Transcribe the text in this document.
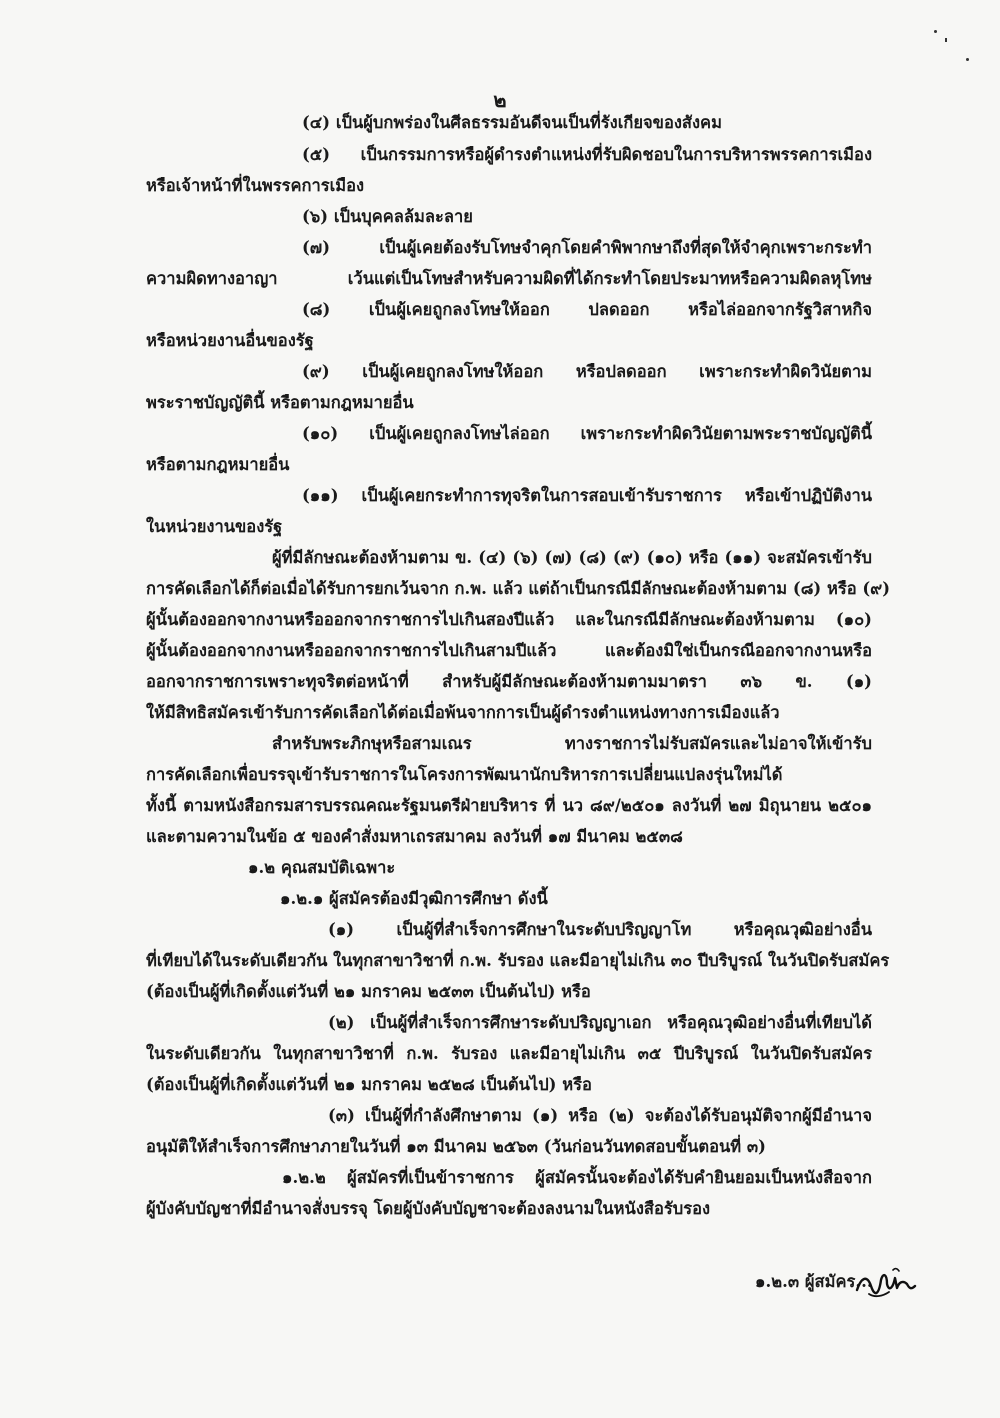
๒
(๔) เป็นผู้บกพร่องในศีลธรรมอันดีจนเป็นที่รังเกียจของสังคม
(๕) เป็นกรรมการหรือผู้ดำรงตำแหน่งที่รับผิดชอบในการบริหารพรรคการเมือง
หรือเจ้าหน้าที่ในพรรคการเมือง
(๖) เป็นบุคคลล้มละลาย
(๗) เป็นผู้เคยต้องรับโทษจำคุกโดยคำพิพากษาถึงที่สุดให้จำคุกเพราะกระทำ
ความผิดทางอาญา เว้นแต่เป็นโทษสำหรับความผิดที่ได้กระทำโดยประมาทหรือความผิดลหุโทษ
(๘) เป็นผู้เคยถูกลงโทษให้ออก ปลดออก หรือไล่ออกจากรัฐวิสาหกิจ
หรือหน่วยงานอื่นของรัฐ
(๙) เป็นผู้เคยถูกลงโทษให้ออก หรือปลดออก เพราะกระทำผิดวินัยตาม
พระราชบัญญัตินี้ หรือตามกฎหมายอื่น
(๑๐) เป็นผู้เคยถูกลงโทษไล่ออก เพราะกระทำผิดวินัยตามพระราชบัญญัตินี้
หรือตามกฎหมายอื่น
(๑๑) เป็นผู้เคยกระทำการทุจริตในการสอบเข้ารับราชการ หรือเข้าปฏิบัติงาน
ในหน่วยงานของรัฐ
ผู้ที่มีลักษณะต้องห้ามตาม ข. (๔) (๖) (๗) (๘) (๙) (๑๐) หรือ (๑๑) จะสมัครเข้ารับ
การคัดเลือกได้ก็ต่อเมื่อได้รับการยกเว้นจาก ก.พ. แล้ว แต่ถ้าเป็นกรณีมีลักษณะต้องห้ามตาม (๘) หรือ (๙)
ผู้นั้นต้องออกจากงานหรือออกจากราชการไปเกินสองปีแล้ว และในกรณีมีลักษณะต้องห้ามตาม (๑๐)
ผู้นั้นต้องออกจากงานหรือออกจากราชการไปเกินสามปีแล้ว และต้องมิใช่เป็นกรณีออกจากงานหรือ
ออกจากราชการเพราะทุจริตต่อหน้าที่ สำหรับผู้มีลักษณะต้องห้ามตามมาตรา ๓๖ ข. (๑)
ให้มีสิทธิสมัครเข้ารับการคัดเลือกได้ต่อเมื่อพ้นจากการเป็นผู้ดำรงตำแหน่งทางการเมืองแล้ว
สำหรับพระภิกษุหรือสามเณร ทางราชการไม่รับสมัครและไม่อาจให้เข้ารับ
การคัดเลือกเพื่อบรรจุเข้ารับราชการในโครงการพัฒนานักบริหารการเปลี่ยนแปลงรุ่นใหม่ได้
ทั้งนี้ ตามหนังสือกรมสารบรรณคณะรัฐมนตรีฝ่ายบริหาร ที่ นว ๘๙/๒๕๐๑ ลงวันที่ ๒๗ มิถุนายน ๒๕๐๑
และตามความในข้อ ๕ ของคำสั่งมหาเถรสมาคม ลงวันที่ ๑๗ มีนาคม ๒๕๓๘
๑.๒ คุณสมบัติเฉพาะ
๑.๒.๑ ผู้สมัครต้องมีวุฒิการศึกษา ดังนี้
(๑) เป็นผู้ที่สำเร็จการศึกษาในระดับปริญญาโท หรือคุณวุฒิอย่างอื่น
ที่เทียบได้ในระดับเดียวกัน ในทุกสาขาวิชาที่ ก.พ. รับรอง และมีอายุไม่เกิน ๓๐ ปีบริบูรณ์ ในวันปิดรับสมัคร
(ต้องเป็นผู้ที่เกิดตั้งแต่วันที่ ๒๑ มกราคม ๒๕๓๓ เป็นต้นไป) หรือ
(๒) เป็นผู้ที่สำเร็จการศึกษาระดับปริญญาเอก หรือคุณวุฒิอย่างอื่นที่เทียบได้
ในระดับเดียวกัน ในทุกสาขาวิชาที่ ก.พ. รับรอง และมีอายุไม่เกิน ๓๕ ปีบริบูรณ์ ในวันปิดรับสมัคร
(ต้องเป็นผู้ที่เกิดตั้งแต่วันที่ ๒๑ มกราคม ๒๕๒๘ เป็นต้นไป) หรือ
(๓) เป็นผู้ที่กำลังศึกษาตาม (๑) หรือ (๒) จะต้องได้รับอนุมัติจากผู้มีอำนาจ
อนุมัติให้สำเร็จการศึกษาภายในวันที่ ๑๓ มีนาคม ๒๕๖๓ (วันก่อนวันทดสอบขั้นตอนที่ ๓)
๑.๒.๒ ผู้สมัครที่เป็นข้าราชการ ผู้สมัครนั้นจะต้องได้รับคำยินยอมเป็นหนังสือจาก
ผู้บังคับบัญชาที่มีอำนาจสั่งบรรจุ โดยผู้บังคับบัญชาจะต้องลงนามในหนังสือรับรอง
๑.๒.๓ ผู้สมัคร...
